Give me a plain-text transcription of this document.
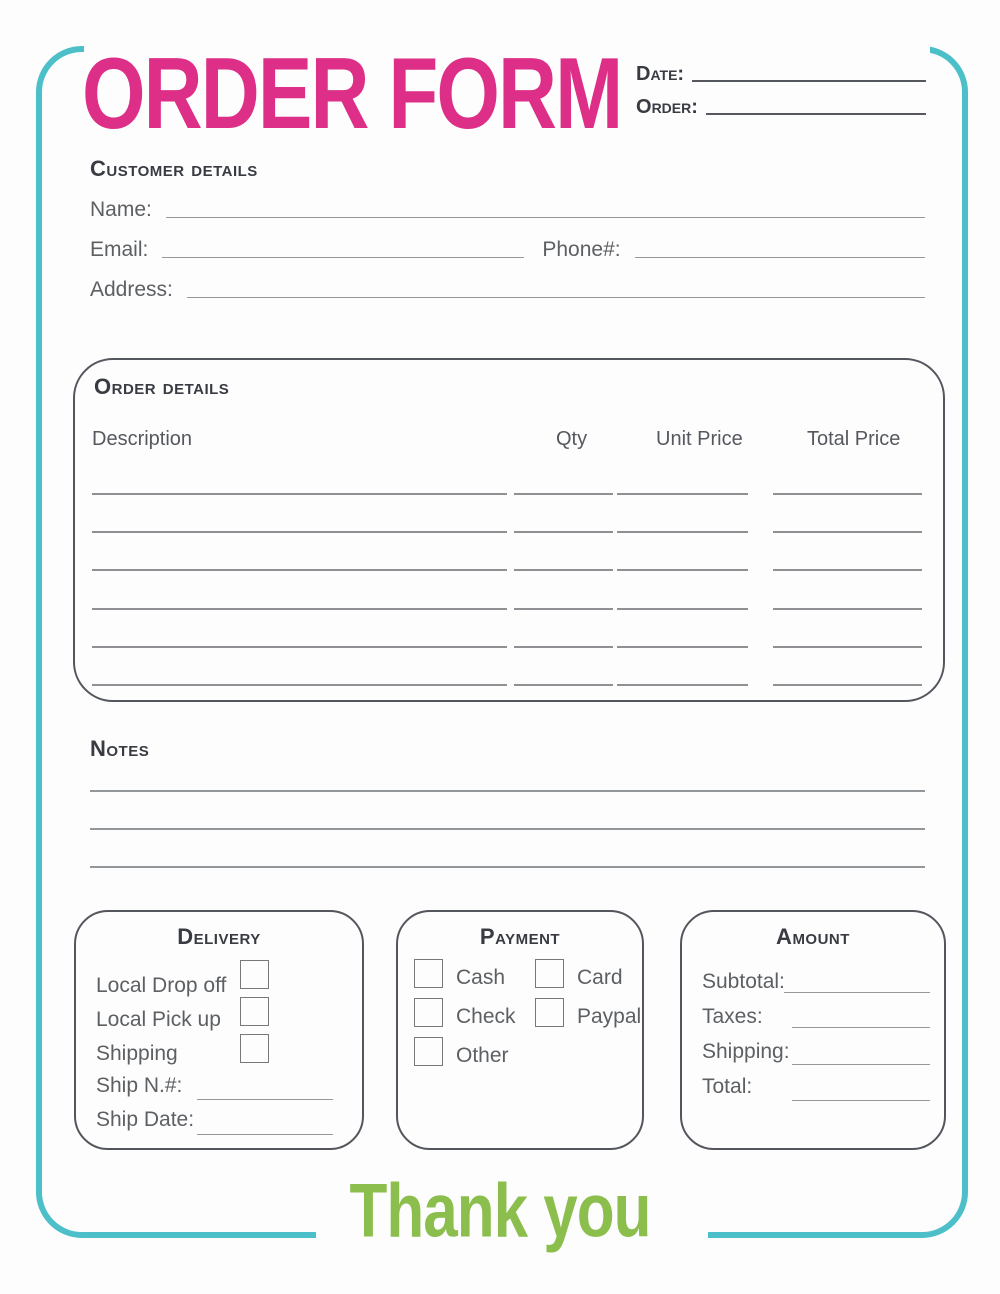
ORDER FORM date:
Order:
Customer details
Name:
Email:	Phone#:
Address:
Order details
Description	Qty	Unit Price	Total Price
Notes
Delivery
Local Drop off
Local Pick up
Shipping
Ship N.#:
Ship Date:
Payment
Cash
Check
Other
Card
Paypal
Amount
Subtotal:
Taxes:
Shipping:
Total:
Thank you
